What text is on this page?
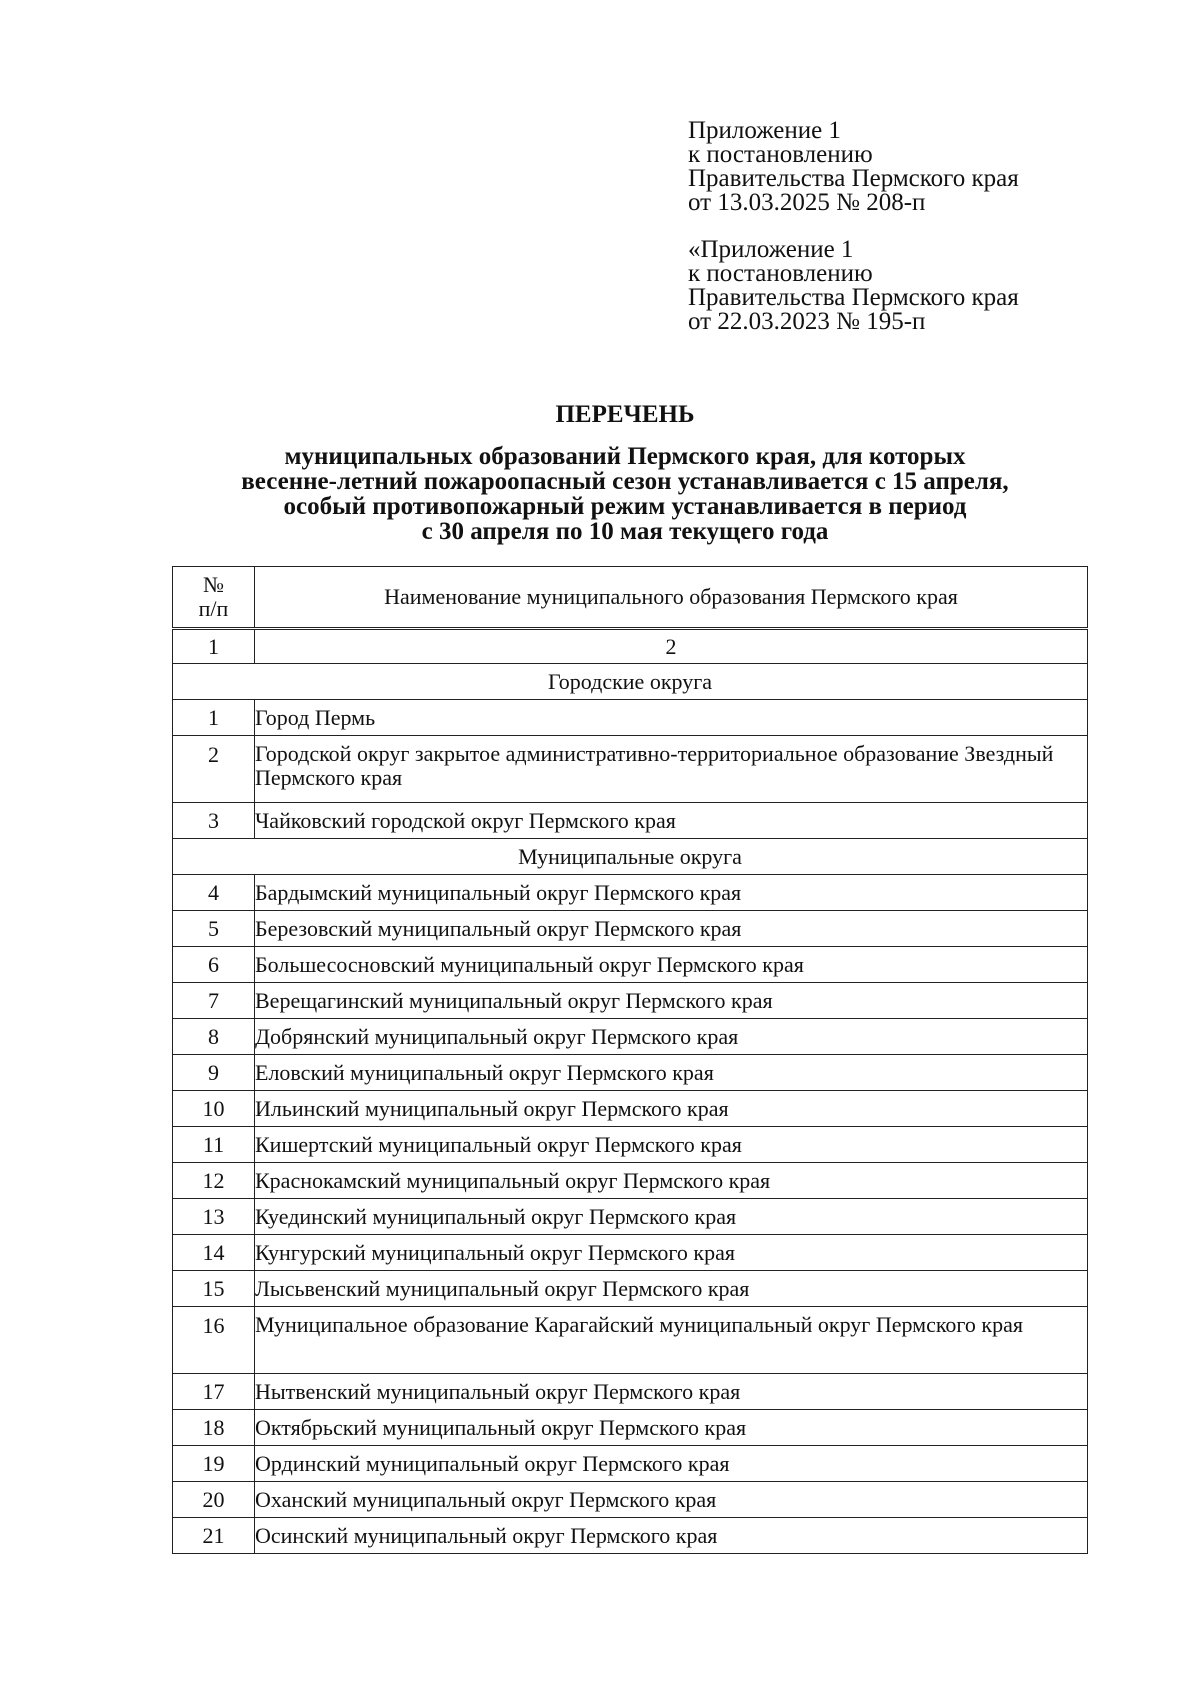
Приложение 1
к постановлению
Правительства Пермского края
от 13.03.2025 № 208-п
«Приложение 1
к постановлению
Правительства Пермского края
от 22.03.2023 № 195-п
ПЕРЕЧЕНЬ
муниципальных образований Пермского края, для которых
весенне-летний пожароопасный сезон устанавливается с 15 апреля,
особый противопожарный режим устанавливается в период
с 30 апреля по 10 мая текущего года
№
п/п	Наименование муниципального образования Пермского края
1	2
Городские округа	
1	Город Пермь
2	Городской округ закрытое административно-территориальное образование Звездный Пермского края
3	Чайковский городской округ Пермского края
Муниципальные округа	
4	Бардымский муниципальный округ Пермского края
5	Березовский муниципальный округ Пермского края
6	Большесосновский муниципальный округ Пермского края
7	Верещагинский муниципальный округ Пермского края
8	Добрянский муниципальный округ Пермского края
9	Еловский муниципальный округ Пермского края
10	Ильинский муниципальный округ Пермского края
11	Кишертский муниципальный округ Пермского края
12	Краснокамский муниципальный округ Пермского края
13	Куединский муниципальный округ Пермского края
14	Кунгурский муниципальный округ Пермского края
15	Лысьвенский муниципальный округ Пермского края
16	Муниципальное образование Карагайский муниципальный округ Пермского края
17	Нытвенский муниципальный округ Пермского края
18	Октябрьский муниципальный округ Пермского края
19	Ординский муниципальный округ Пермского края
20	Оханский муниципальный округ Пермского края
21	Осинский муниципальный округ Пермского края
